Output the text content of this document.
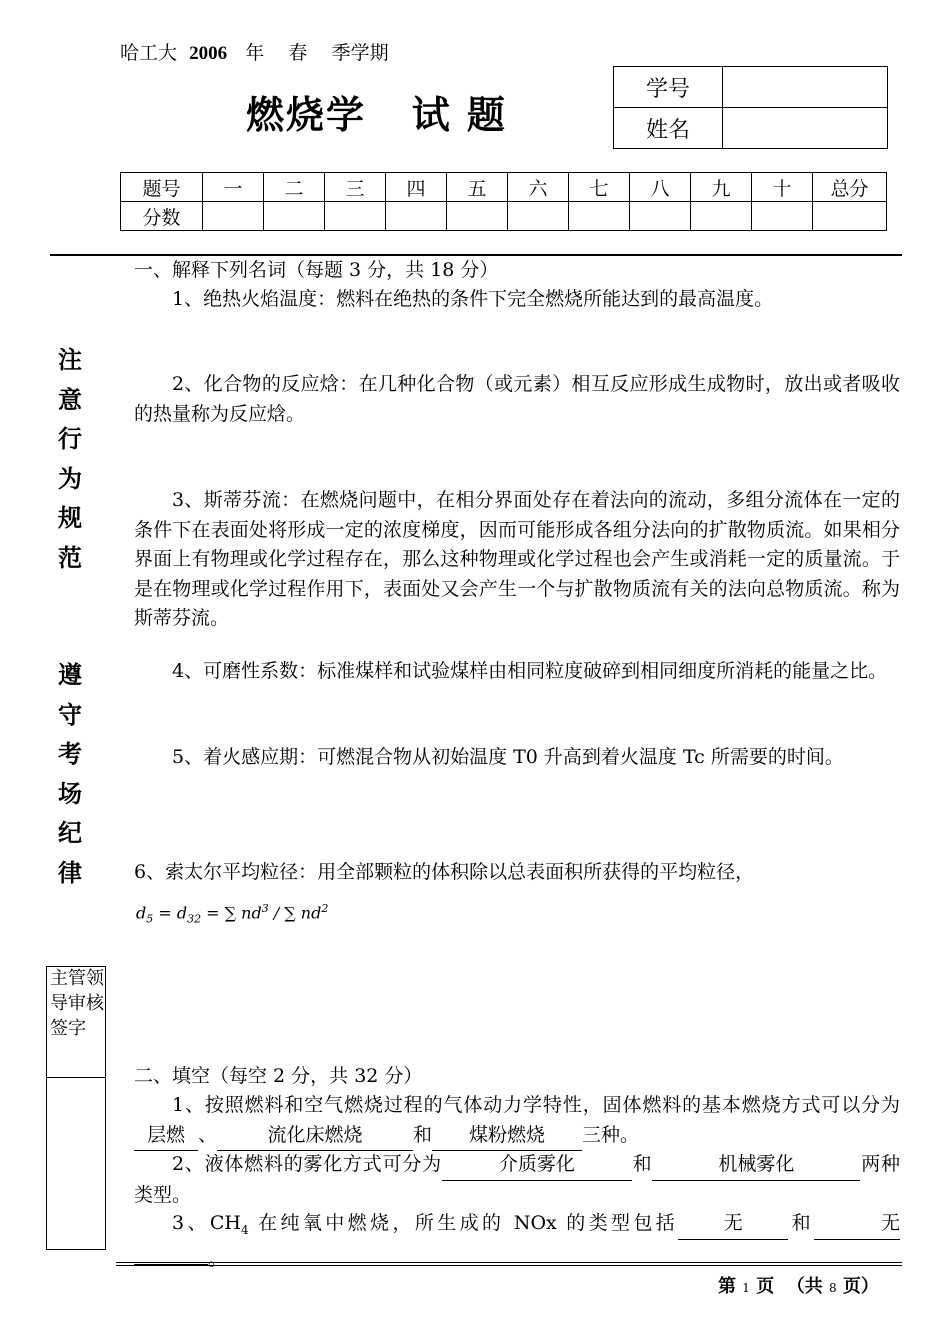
哈工大 2006 年 春 季学期
燃烧学   试 题
学号	
姓名	
题号	一	二	三	四	五	六	七	八	九	十	总分
分数											
注
意
行
为
规
范
遵
守
考
场
纪
律
主管领导审核签字
一、解释下列名词（每题 3 分，共 18 分）
1、绝热火焰温度：燃料在绝热的条件下完全燃烧所能达到的最高温度。
2、化合物的反应焓：在几种化合物（或元素）相互反应形成生成物时，放出或者吸收的热量称为反应焓。
3、斯蒂芬流：在燃烧问题中，在相分界面处存在着法向的流动，多组分流体在一定的条件下在表面处将形成一定的浓度梯度，因而可能形成各组分法向的扩散物质流。如果相分界面上有物理或化学过程存在，那么这种物理或化学过程也会产生或消耗一定的质量流。于是在物理或化学过程作用下，表面处又会产生一个与扩散物质流有关的法向总物质流。称为斯蒂芬流。
4、可磨性系数：标准煤样和试验煤样由相同粒度破碎到相同细度所消耗的能量之比。
5、着火感应期：可燃混合物从初始温度 T0 升高到着火温度 Tc 所需要的时间。
6、索太尔平均粒径：用全部颗粒的体积除以总表面积所获得的平均粒径，
$d_5 = d_{32}$ = ∑ $nd^3$ / ∑ $nd^2$
二、填空（每空 2 分，共 32 分）
1、按照燃料和空气燃烧过程的气体动力学特性，固体燃料的基本燃烧方式可以分为层燃 、	流化床燃烧	和 煤粉燃烧 三种。
2、液体燃料的雾化方式可分为	介质雾化	和	机械雾化	两种类型。
3、$CH_4$ 在纯氧中燃烧，所生成的 NOx 的类型包括 无 和	无 。
第 1 页  （共 8 页）
